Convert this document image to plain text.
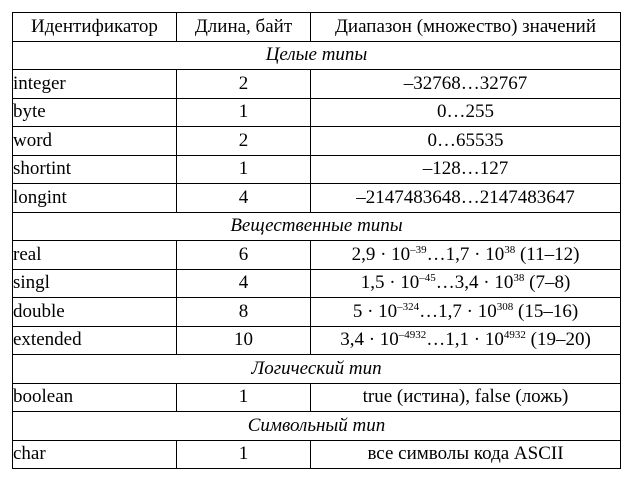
Идентификатор	Длина, байт	Диапазон (множество) значений
Целые типы		
integer	2	–32768…32767
byte	1	0…255
word	2	0…65535
shortint	1	–128…127
longint	4	–2147483648…2147483647
Вещественные типы		
real	6	$2,9 \cdot 10^{-39}\dots 1,7 \cdot 10^{38}$ (11–12)
singl	4	$1,5 \cdot 10^{-45}\dots 3,4 \cdot 10^{38}$ (7–8)
double	8	$5 \cdot 10^{-324}\dots 1,7 \cdot 10^{308}$ (15–16)
extended	10	$3,4 \cdot 10^{-4932}\dots 1,1 \cdot 10^{4932}$ (19–20)
Логический тип		
boolean	1	true (истина), false (ложь)
Символьный тип		
char	1	все символы кода ASCII
